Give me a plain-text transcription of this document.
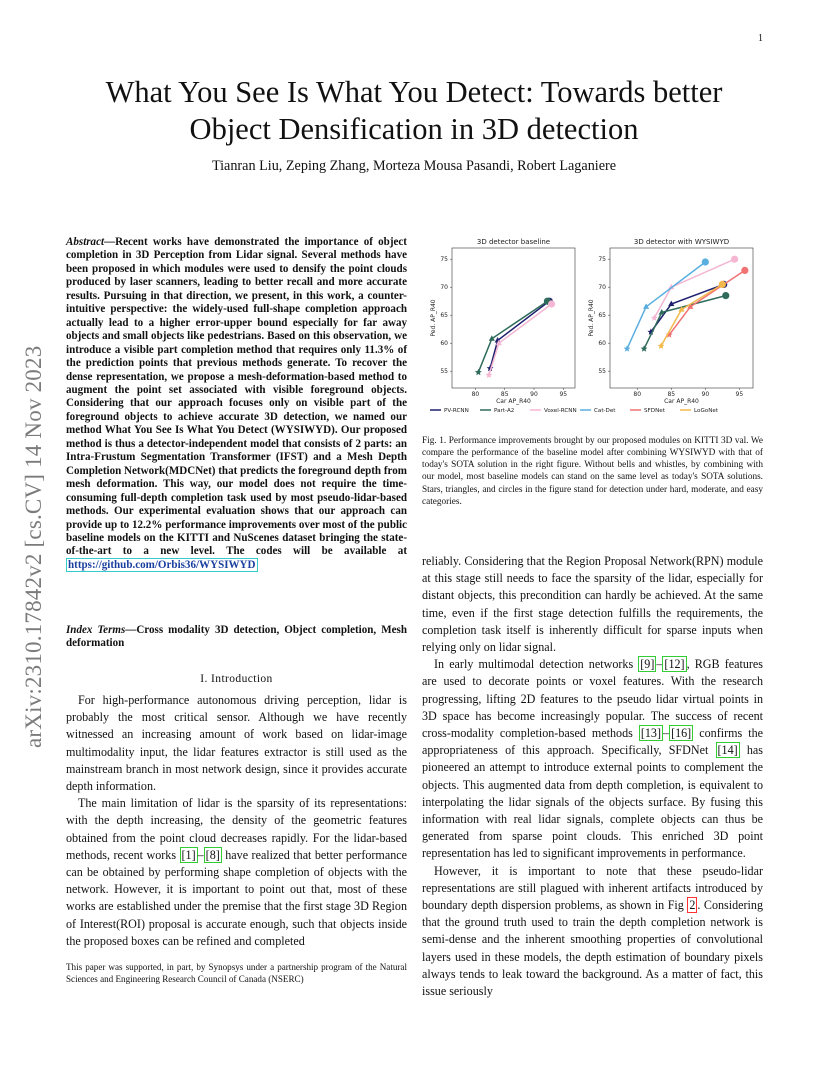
1
arXiv:2310.17842v2 [cs.CV] 14 Nov 2023
What You See Is What You Detect: Towards better
Object Densification in 3D detection
Tianran Liu, Zeping Zhang, Morteza Mousa Pasandi, Robert Laganiere
Abstract—Recent works have demonstrated the importance of object completion in 3D Perception from Lidar signal. Several methods have been proposed in which modules were used to densify the point clouds produced by laser scanners, leading to better recall and more accurate results. Pursuing in that direction, we present, in this work, a counter-intuitive perspective: the widely-used full-shape completion approach actually lead to a higher error-upper bound especially for far away objects and small objects like pedestrians. Based on this observation, we introduce a visible part completion method that requires only 11.3% of the prediction points that previous methods generate. To recover the dense representation, we propose a mesh-deformation-based method to augment the point set associated with visible foreground objects. Considering that our approach focuses only on visible part of the foreground objects to achieve accurate 3D detection, we named our method What You See Is What You Detect (WYSIWYD). Our proposed method is thus a detector-independent model that consists of 2 parts: an Intra-Frustum Segmentation Transformer (IFST) and a Mesh Depth Completion Network(MDCNet) that predicts the foreground depth from mesh deformation. This way, our model does not require the time-consuming full-depth completion task used by most pseudo-lidar-based methods. Our experimental evaluation shows that our approach can provide up to 12.2% performance improvements over most of the public baseline models on the KITTI and NuScenes dataset bringing the state-of-the-art to a new level. The codes will be available at https://github.com/Orbis36/WYSIWYD
Index Terms—Cross modality 3D detection, Object completion, Mesh deformation
I. Introduction

For high-performance autonomous driving perception, lidar is probably the most critical sensor. Although we have recently witnessed an increasing amount of work based on lidar-image multimodality input, the lidar features extractor is still used as the mainstream branch in most network design, since it provides accurate depth information.

The main limitation of lidar is the sparsity of its representations: with the depth increasing, the density of the geometric features obtained from the point cloud decreases rapidly. For the lidar-based methods, recent works [1] – [8] have realized that better performance can be obtained by performing shape completion of objects with the network. However, it is important to point out that, most of these works are established under the premise that the first stage 3D Region of Interest(ROI) proposal is accurate enough, such that objects inside the proposed boxes can be refined and completed

This paper was supported, in part, by Synopsys under a partnership program of the Natural Sciences and Engineering Research Council of Canada (NSERC)
3D detector baseline
80	85	90	95
55
60
65
70
75
Car AP_R40
Ped. AP_R40
3D detector with WYSIWYD
80	85	90	95
55
60
65
70
75
Car AP_R40
Ped. AP_R40
PV-RCNN	Part-A2	Voxel-RCNN	Cat-Det	SFDNet	LoGoNet
Fig. 1. Performance improvements brought by our proposed modules on KITTI 3D val. We compare the performance of the baseline model after combining WYSIWYD with that of today's SOTA solution in the right figure. Without bells and whistles, by combining with our model, most baseline models can stand on the same level as today's SOTA solutions. Stars, triangles, and circles in the figure stand for detection under hard, moderate, and easy categories.

reliably. Considering that the Region Proposal Network(RPN) module at this stage still needs to face the sparsity of the lidar, especially for distant objects, this precondition can hardly be achieved. At the same time, even if the first stage detection fulfills the requirements, the completion task itself is inherently difficult for sparse inputs when relying only on lidar signal.

In early multimodal detection networks [9] – [12] , RGB features are used to decorate points or voxel features. With the research progressing, lifting 2D features to the pseudo lidar virtual points in 3D space has become increasingly popular. The success of recent cross-modality completion-based methods [13] – [16] confirms the appropriateness of this approach. Specifically, SFDNet [14] has pioneered an attempt to introduce external points to complement the objects. This augmented data from depth completion, is equivalent to interpolating the lidar signals of the objects surface. By fusing this information with real lidar signals, complete objects can thus be generated from sparse point clouds. This enriched 3D point representation has led to significant improvements in performance.

However, it is important to note that these pseudo-lidar representations are still plagued with inherent artifacts introduced by boundary depth dispersion problems, as shown in Fig 2 . Considering that the ground truth used to train the depth completion network is semi-dense and the inherent smoothing properties of convolutional layers used in these models, the depth estimation of boundary pixels always tends to leak toward the background. As a matter of fact, this issue seriously
